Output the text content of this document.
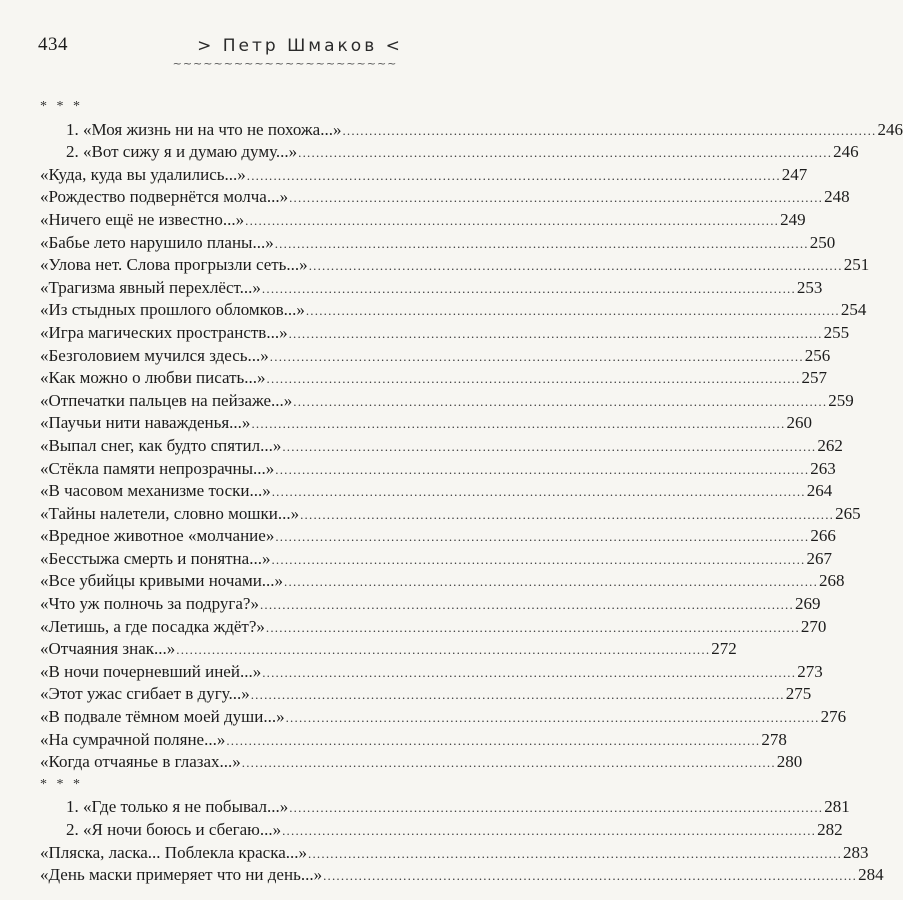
434	> Петр Шмаков <
~~~~~~~~~~~~~~~~~~~~~~
* * *
1. «Моя жизнь ни на что не похожа...» ........................................................................................................................ 246
2. «Вот сижу я и думаю думу...» ........................................................................................................................ 246
«Куда, куда вы удалились...» ........................................................................................................................ 247
«Рождество подвернётся молча...» ........................................................................................................................ 248
«Ничего ещё не известно...» ........................................................................................................................ 249
«Бабье лето нарушило планы...» ........................................................................................................................ 250
«Улова нет. Слова прогрызли сеть...» ........................................................................................................................ 251
«Трагизма явный перехлёст...» ........................................................................................................................ 253
«Из стыдных прошлого обломков...» ........................................................................................................................ 254
«Игра магических пространств...» ........................................................................................................................ 255
«Безголовием мучился здесь...» ........................................................................................................................ 256
«Как можно о любви писать...» ........................................................................................................................ 257
«Отпечатки пальцев на пейзаже...» ........................................................................................................................ 259
«Паучьи нити наважденья...» ........................................................................................................................ 260
«Выпал снег, как будто спятил...» ........................................................................................................................ 262
«Стёкла памяти непрозрачны...» ........................................................................................................................ 263
«В часовом механизме тоски...» ........................................................................................................................ 264
«Тайны налетели, словно мошки...» ........................................................................................................................ 265
«Вредное животное «молчание» ........................................................................................................................ 266
«Бесстыжа смерть и понятна...» ........................................................................................................................ 267
«Все убийцы кривыми ночами...» ........................................................................................................................ 268
«Что уж полночь за подруга?» ........................................................................................................................ 269
«Летишь, а где посадка ждёт?» ........................................................................................................................ 270
«Отчаяния знак...» ........................................................................................................................ 272
«В ночи почерневший иней...» ........................................................................................................................ 273
«Этот ужас сгибает в дугу...» ........................................................................................................................ 275
«В подвале тёмном моей души...» ........................................................................................................................ 276
«На сумрачной поляне...» ........................................................................................................................ 278
«Когда отчаянье в глазах...» ........................................................................................................................ 280
* * *
1. «Где только я не побывал...» ........................................................................................................................ 281
2. «Я ночи боюсь и сбегаю...» ........................................................................................................................ 282
«Пляска, ласка... Поблекла краска...» ........................................................................................................................ 283
«День маски примеряет что ни день...» ........................................................................................................................ 284
